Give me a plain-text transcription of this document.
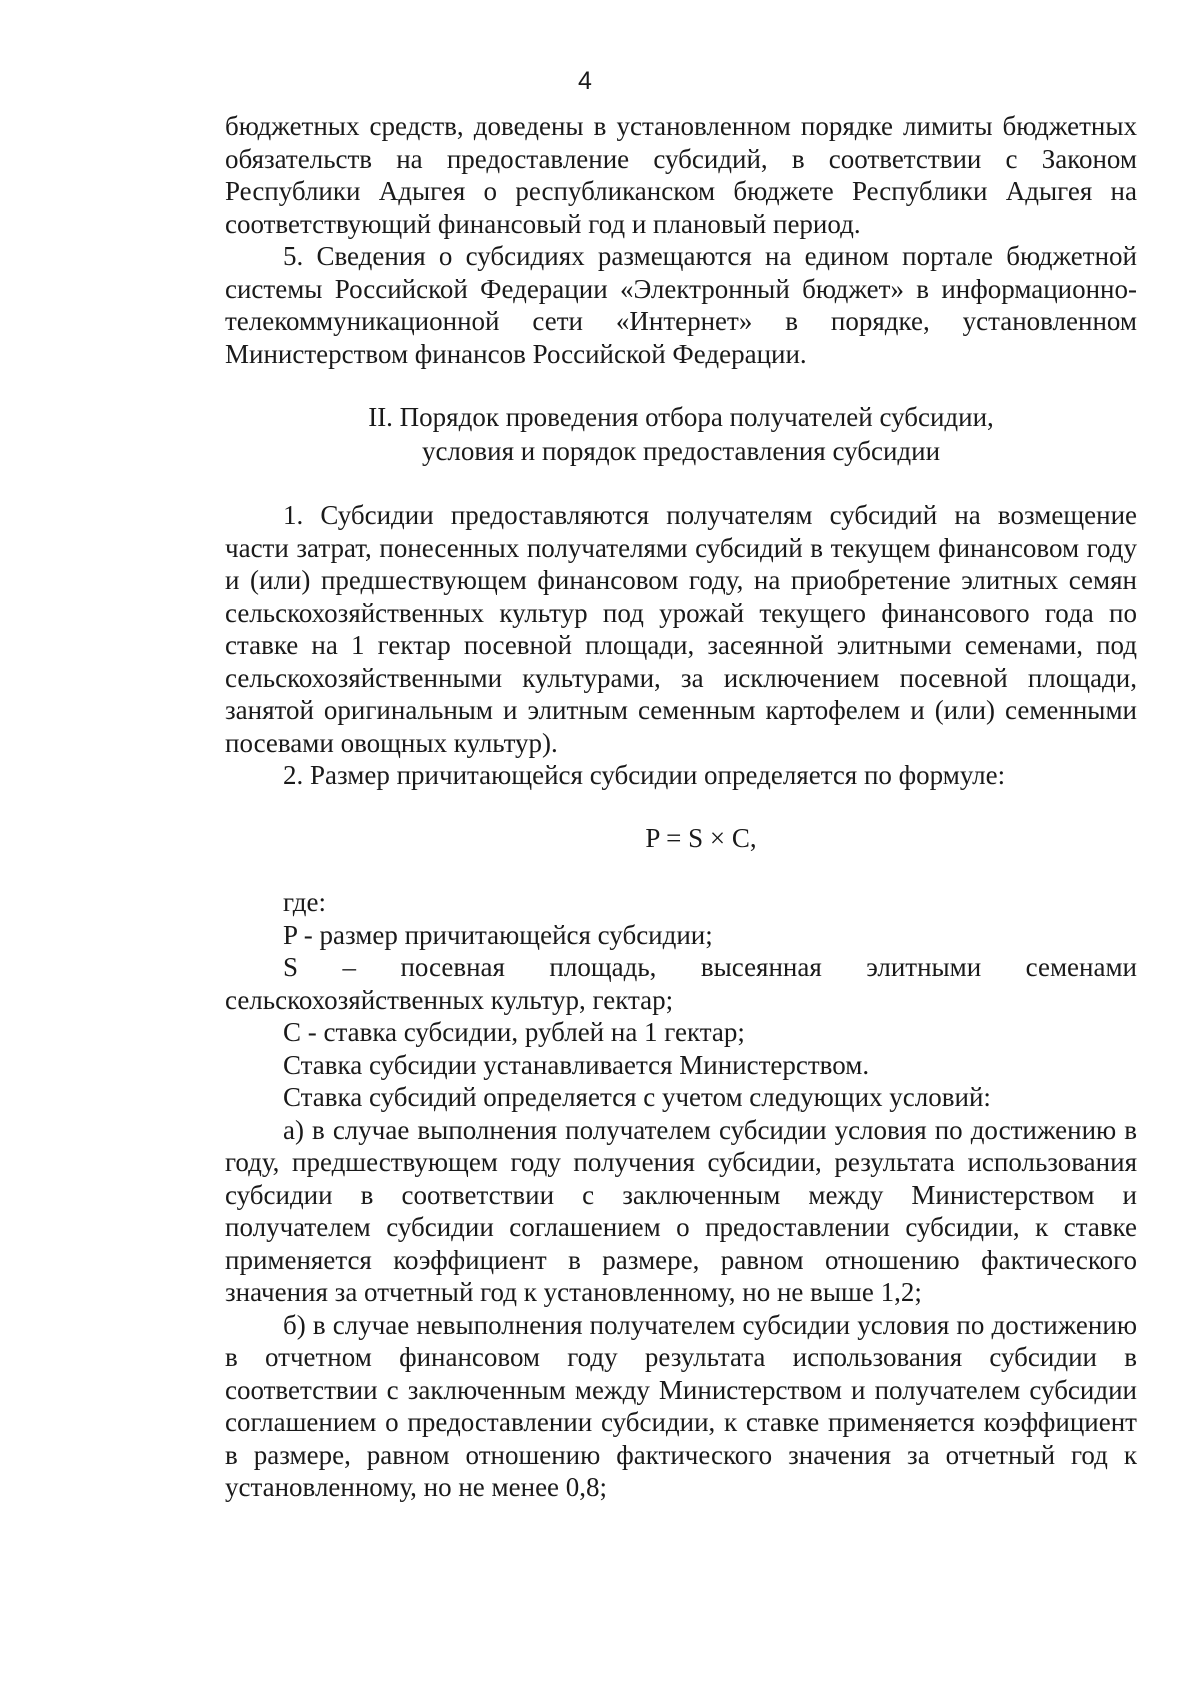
4

бюджетных средств, доведены в установленном порядке лимиты бюджетных обязательств на предоставление субсидий, в соответствии с Законом Республики Адыгея о республиканском бюджете Республики Адыгея на соответствующий финансовый год и плановый период.

5. Сведения о субсидиях размещаются на едином портале бюджетной системы Российской Федерации «Электронный бюджет» в информационно-телекоммуникационной сети «Интернет» в порядке, установленном Министерством финансов Российской Федерации.

II. Порядок проведения отбора получателей субсидии,

условия и порядок предоставления субсидии

1. Субсидии предоставляются получателям субсидий на возмещение части затрат, понесенных получателями субсидий в текущем финансовом году и (или) предшествующем финансовом году, на приобретение элитных семян сельскохозяйственных культур под урожай текущего финансового года по ставке на 1 гектар посевной площади, засеянной элитными семенами, под сельскохозяйственными культурами, за исключением посевной площади, занятой оригинальным и элитным семенным картофелем и (или) семенными посевами овощных культур).

2. Размер причитающейся субсидии определяется по формуле:

P = S × C,

где:

P - размер причитающейся субсидии;

S – посевная площадь, высеянная элитными семенами

сельскохозяйственных культур, гектар;

C - ставка субсидии, рублей на 1 гектар;

Ставка субсидии устанавливается Министерством.

Ставка субсидий определяется с учетом следующих условий:

а) в случае выполнения получателем субсидии условия по достижению в году, предшествующем году получения субсидии, результата использования субсидии в соответствии с заключенным между Министерством и получателем субсидии соглашением о предоставлении субсидии, к ставке применяется коэффициент в размере, равном отношению фактического значения за отчетный год к установленному, но не выше 1,2;

б) в случае невыполнения получателем субсидии условия по достижению в отчетном финансовом году результата использования субсидии в соответствии с заключенным между Министерством и получателем субсидии соглашением о предоставлении субсидии, к ставке применяется коэффициент в размере, равном отношению фактического значения за отчетный год к установленному, но не менее 0,8;
